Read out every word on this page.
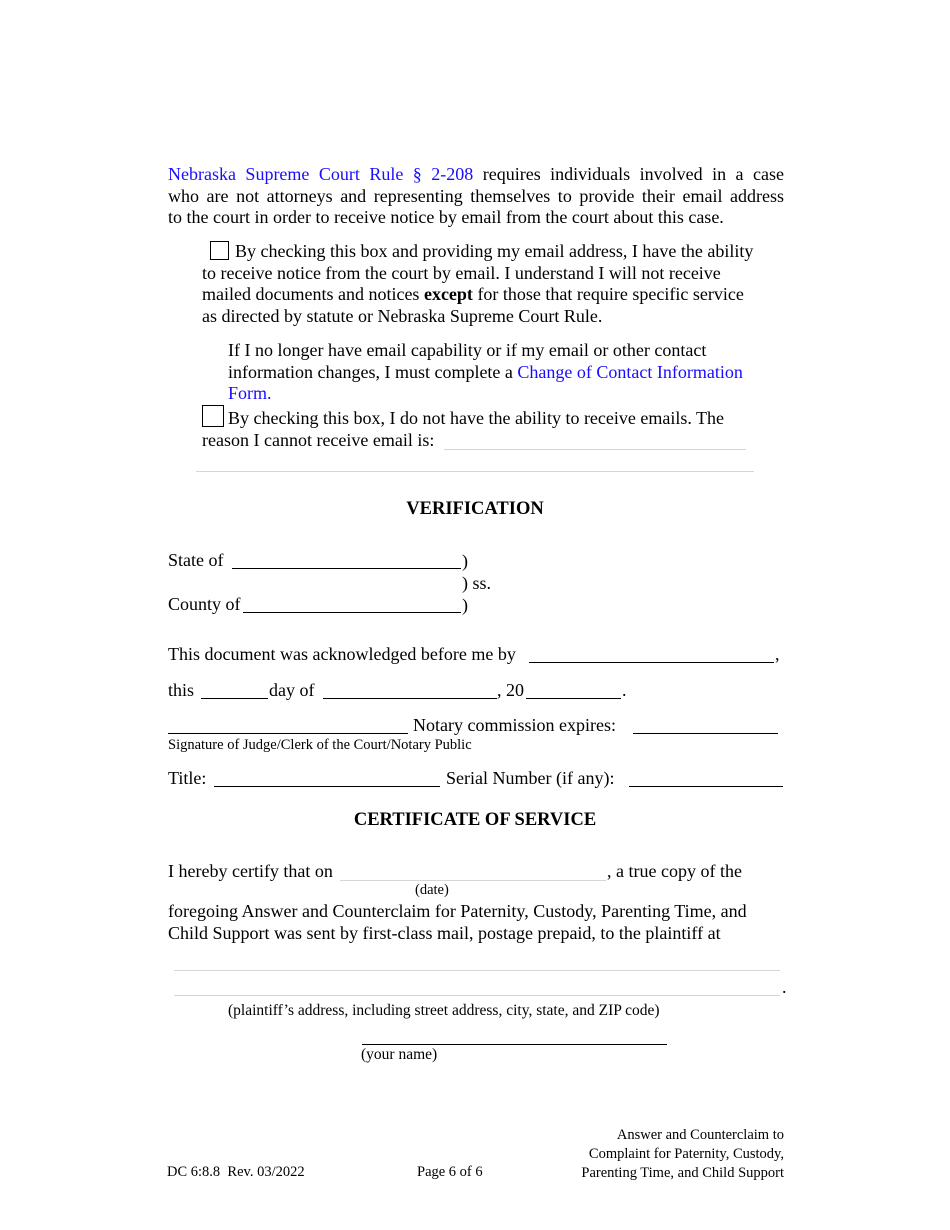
Nebraska Supreme Court Rule § 2-208 requires individuals involved in a case
who are not attorneys and representing themselves to provide their email address
to the court in order to receive notice by email from the court about this case.
By checking this box and providing my email address, I have the ability
to receive notice from the court by email. I understand I will not receive
mailed documents and notices except for those that require specific service
as directed by statute or Nebraska Supreme Court Rule.
If I no longer have email capability or if my email or other contact
information changes, I must complete a Change of Contact Information
Form.
By checking this box, I do not have the ability to receive emails. The
reason I cannot receive email is:
VERIFICATION
State of	)
) ss.
County of	)
This document was acknowledged before me by	,
this	day of	, 20	.
Notary commission expires:
Signature of Judge/Clerk of the Court/Notary Public
Title:	Serial Number (if any):
CERTIFICATE OF SERVICE
I hereby certify that on	, a true copy of the
(date)
foregoing Answer and Counterclaim for Paternity, Custody, Parenting Time, and
Child Support was sent by first-class mail, postage prepaid, to the plaintiff at
.
(plaintiff’s address, including street address, city, state, and ZIP code)
(your name)
Answer and Counterclaim to
Complaint for Paternity, Custody,
Parenting Time, and Child Support
DC 6:8.8  Rev. 03/2022	Page 6 of 6
